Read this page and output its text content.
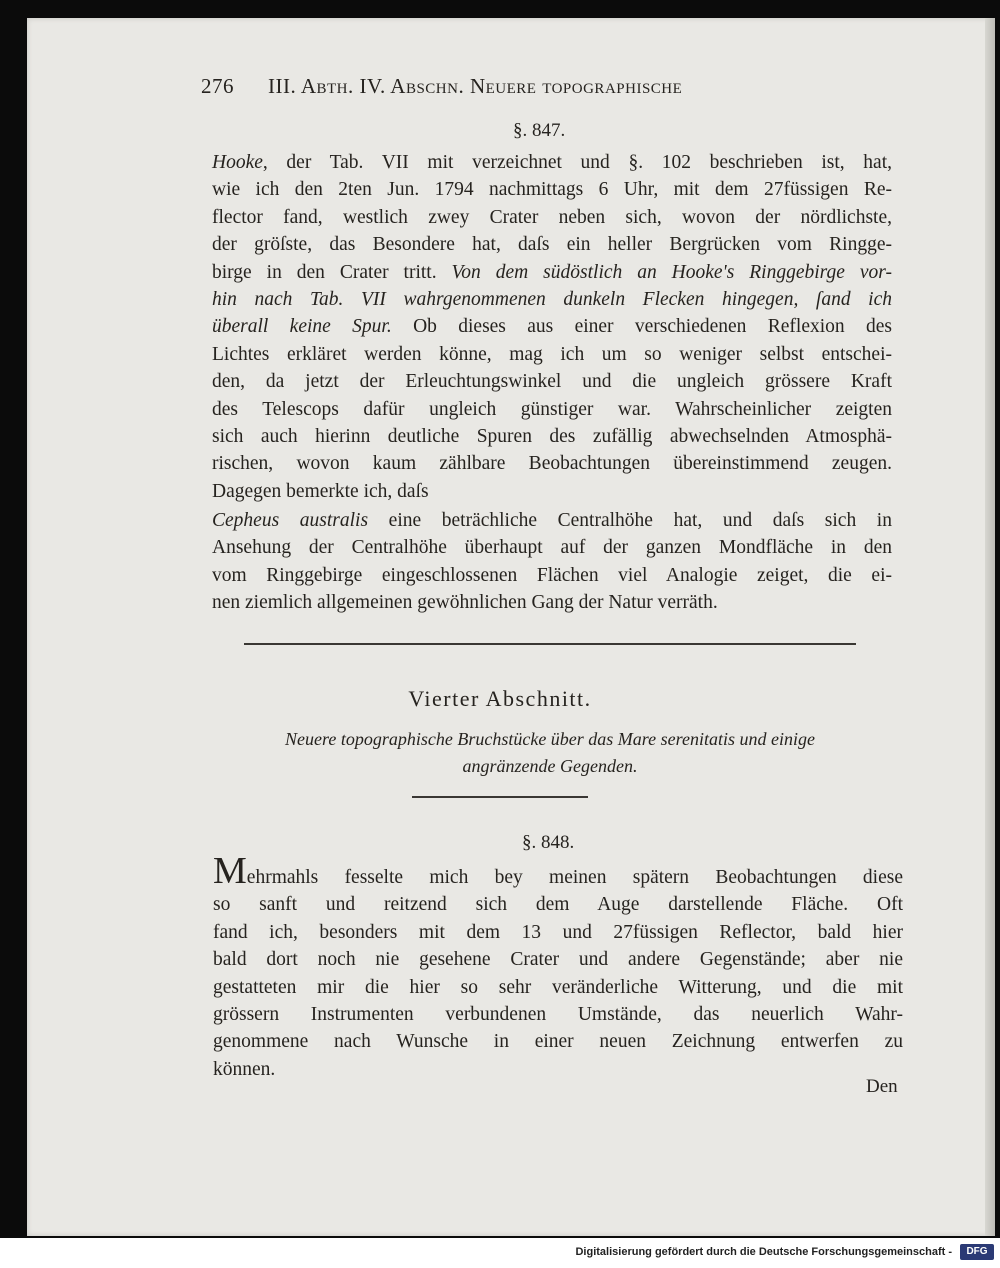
276 III. Abth. IV. Abschn. Neuere topographische
§. 847.
Hooke, der Tab. VII mit verzeichnet und §. 102 beschrieben ist, hat,
wie ich den 2ten Jun. 1794 nachmittags 6 Uhr, mit dem 27füssigen Re-
flector fand, westlich zwey Crater neben sich, wovon der nördlichste,
der gröſste, das Besondere hat, daſs ein heller Bergrücken vom Ringge-
birge in den Crater tritt. Von dem südöstlich an Hooke's Ringgebirge vor-
hin nach Tab. VII wahrgenommenen dunkeln Flecken hingegen, ſand ich
überall keine Spur. Ob dieses aus einer verschiedenen Reflexion des
Lichtes erkläret werden könne, mag ich um so weniger selbst entschei-
den, da jetzt der Erleuchtungswinkel und die ungleich grössere Kraft
des Telescops dafür ungleich günstiger war. Wahrscheinlicher zeigten
sich auch hierinn deutliche Spuren des zufällig abwechselnden Atmosphä-
rischen, wovon kaum zählbare Beobachtungen übereinstimmend zeugen.
Dagegen bemerkte ich, daſs
Cepheus australis eine beträchliche Centralhöhe hat, und daſs sich in
Ansehung der Centralhöhe überhaupt auf der ganzen Mondfläche in den
vom Ringgebirge eingeschlossenen Flächen viel Analogie zeiget, die ei-
nen ziemlich allgemeinen gewöhnlichen Gang der Natur verräth.
Vierter Abschnitt.
Neuere topographische Bruchstücke über das Mare serenitatis und einige
angränzende Gegenden.
§. 848.
Mehrmahls fesselte mich bey meinen spätern Beobachtungen diese
so sanft und reitzend sich dem Auge darstellende Fläche. Oft
fand ich, besonders mit dem 13 und 27füssigen Reflector, bald hier
bald dort noch nie gesehene Crater und andere Gegenstände; aber nie
gestatteten mir die hier so sehr veränderliche Witterung, und die mit
grössern Instrumenten verbundenen Umstände, das neuerlich Wahr-
genommene nach Wunsche in einer neuen Zeichnung entwerfen zu
können.
Den
Digitalisierung gefördert durch die Deutsche Forschungsgemeinschaft -	DFG
